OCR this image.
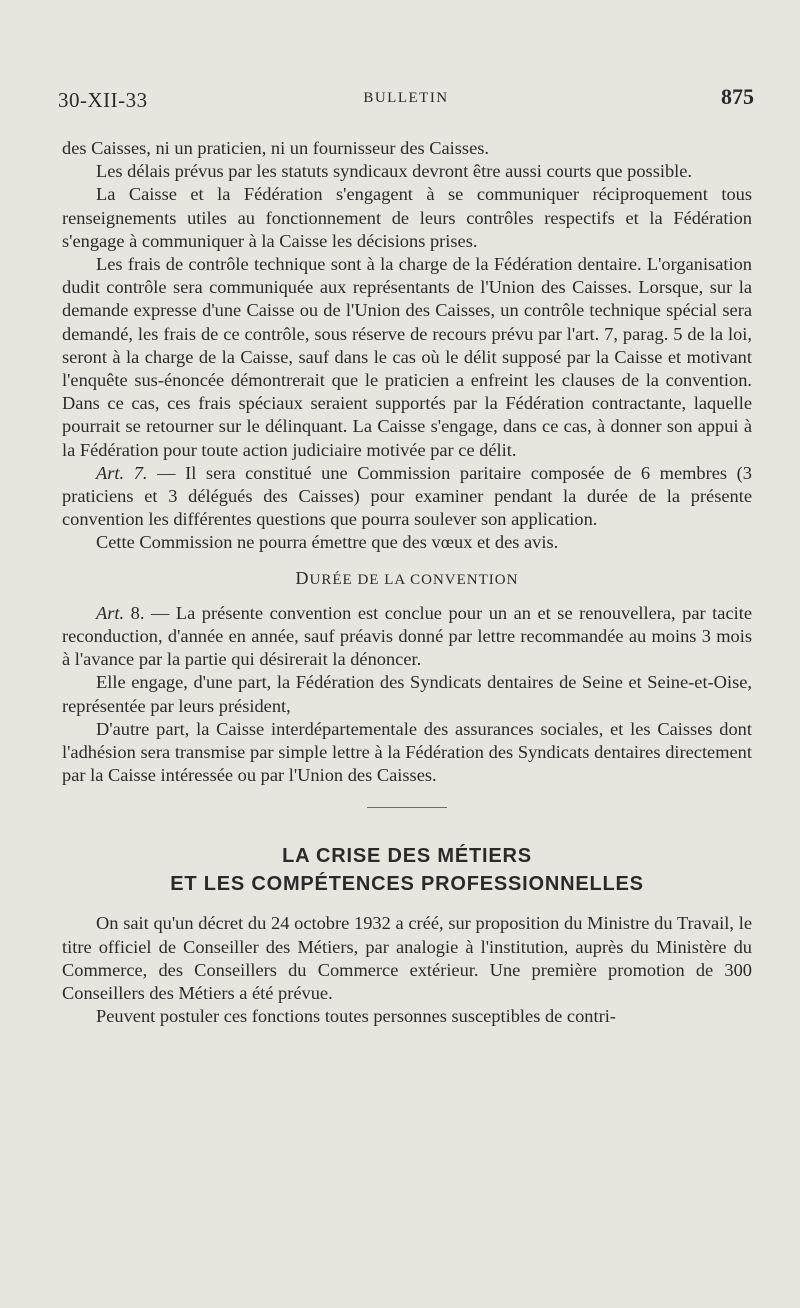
30-XII-33	BULLETIN	875

des Caisses, ni un praticien, ni un fournisseur des Caisses.

Les délais prévus par les statuts syndicaux devront être aussi courts que possible.

La Caisse et la Fédération s'engagent à se communiquer réciproquement tous renseignements utiles au fonctionnement de leurs contrôles respectifs et la Fédération s'engage à communiquer à la Caisse les décisions prises.

Les frais de contrôle technique sont à la charge de la Fédération dentaire. L'organisation dudit contrôle sera communiquée aux représentants de l'Union des Caisses. Lorsque, sur la demande expresse d'une Caisse ou de l'Union des Caisses, un contrôle technique spécial sera demandé, les frais de ce contrôle, sous réserve de recours prévu par l'art. 7, parag. 5 de la loi, seront à la charge de la Caisse, sauf dans le cas où le délit supposé par la Caisse et motivant l'enquête sus-énoncée démontrerait que le praticien a enfreint les clauses de la convention. Dans ce cas, ces frais spéciaux seraient supportés par la Fédération contractante, laquelle pourrait se retourner sur le délinquant. La Caisse s'engage, dans ce cas, à donner son appui à la Fédération pour toute action judiciaire motivée par ce délit.

Art. 7. — Il sera constitué une Commission paritaire composée de 6 membres (3 praticiens et 3 délégués des Caisses) pour examiner pendant la durée de la présente convention les différentes questions que pourra soulever son application.

Cette Commission ne pourra émettre que des vœux et des avis.

DURÉE DE LA CONVENTION

Art. 8. — La présente convention est conclue pour un an et se renouvellera, par tacite reconduction, d'année en année, sauf préavis donné par lettre recommandée au moins 3 mois à l'avance par la partie qui désirerait la dénoncer.

Elle engage, d'une part, la Fédération des Syndicats dentaires de Seine et Seine-et-Oise, représentée par leurs président,

D'autre part, la Caisse interdépartementale des assurances sociales, et les Caisses dont l'adhésion sera transmise par simple lettre à la Fédération des Syndicats dentaires directement par la Caisse intéressée ou par l'Union des Caisses.

LA CRISE DES MÉTIERS
ET LES COMPÉTENCES PROFESSIONNELLES

On sait qu'un décret du 24 octobre 1932 a créé, sur proposition du Ministre du Travail, le titre officiel de Conseiller des Métiers, par analogie à l'institution, auprès du Ministère du Commerce, des Conseillers du Commerce extérieur. Une première promotion de 300 Conseillers des Métiers a été prévue.

Peuvent postuler ces fonctions toutes personnes susceptibles de contri-
